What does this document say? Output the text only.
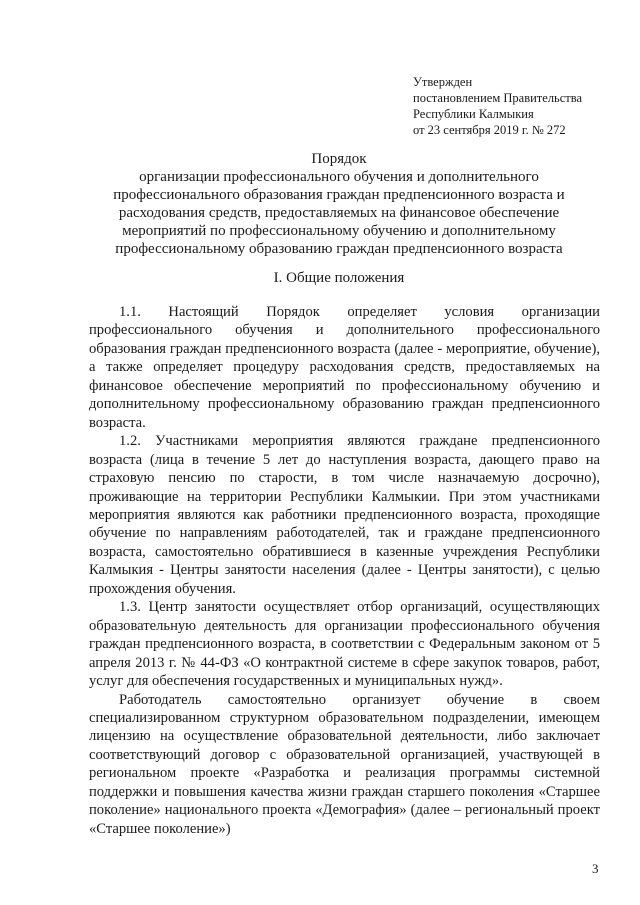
Утвержден
постановлением Правительства
Республики Калмыкия
от 23 сентября 2019 г. № 272
Порядок
организации профессионального обучения и дополнительного профессионального образования граждан предпенсионного возраста и расходования средств, предоставляемых на финансовое обеспечение мероприятий по профессиональному обучению и дополнительному профессиональному образованию граждан предпенсионного возраста
I. Общие положения

1.1. Настоящий Порядок определяет условия организации профессионального обучения и дополнительного профессионального образования граждан предпенсионного возраста (далее - мероприятие, обучение), а также определяет процедуру расходования средств, предоставляемых на финансовое обеспечение мероприятий по профессиональному обучению и дополнительному профессиональному образованию граждан предпенсионного возраста.

1.2. Участниками мероприятия являются граждане предпенсионного возраста (лица в течение 5 лет до наступления возраста, дающего право на страховую пенсию по старости, в том числе назначаемую досрочно), проживающие на территории Республики Калмыкии. При этом участниками мероприятия являются как работники предпенсионного возраста, проходящие обучение по направлениям работодателей, так и граждане предпенсионного возраста, самостоятельно обратившиеся в казенные учреждения Республики Калмыкия - Центры занятости населения (далее - Центры занятости), с целью прохождения обучения.

1.3. Центр занятости осуществляет отбор организаций, осуществляющих образовательную деятельность для организации профессионального обучения граждан предпенсионного возраста, в соответствии с Федеральным законом от 5 апреля 2013 г. № 44-ФЗ «О контрактной системе в сфере закупок товаров, работ, услуг для обеспечения государственных и муниципальных нужд».

Работодатель самостоятельно организует обучение в своем специализированном структурном образовательном подразделении, имеющем лицензию на осуществление образовательной деятельности, либо заключает соответствующий договор с образовательной организацией, участвующей в региональном проекте «Разработка и реализация программы системной поддержки и повышения качества жизни граждан старшего поколения «Старшее поколение» национального проекта «Демография» (далее – региональный проект «Старшее поколение»)

3
